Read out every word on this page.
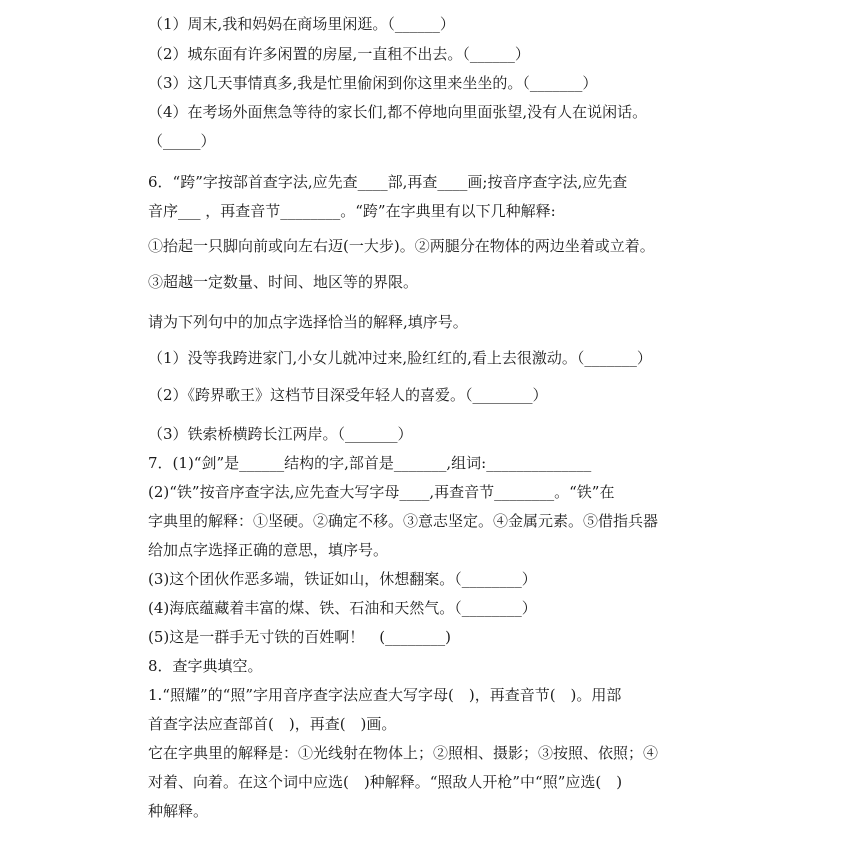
（1）周末,我和妈妈在商场里闲逛。（______）
（2）城东面有许多闲置的房屋,一直租不出去。（______）
（3）这几天事情真多,我是忙里偷闲到你这里来坐坐的。（_______）
（4）在考场外面焦急等待的家长们,都不停地向里面张望,没有人在说闲话。
（_____）
6．“跨”字按部首查字法,应先查____部,再查____画;按音序查字法,应先查
音序___ ，再查音节________。“跨”在字典里有以下几种解释:
①抬起一只脚向前或向左右迈(一大步)。②两腿分在物体的两边坐着或立着。
③超越一定数量、时间、地区等的界限。
请为下列句中的加点字选择恰当的解释,填序号。
（1）没等我跨进家门,小女儿就冲过来,脸红红的,看上去很激动。（_______）
（2）《跨界歌王》这档节目深受年轻人的喜爱。（________）
（3）铁索桥横跨长江两岸。（_______）
7．(1)“剑”是______结构的字,部首是_______,组词:______________
(2)“铁”按音序查字法,应先查大写字母____,再查音节________。“铁”在
字典里的解释：①坚硬。②确定不移。③意志坚定。④金属元素。⑤借指兵器
给加点字选择正确的意思，填序号。
(3)这个团伙作恶多端，铁证如山，休想翻案。（________）
(4)海底蕴藏着丰富的煤、铁、石油和天然气。（________）
(5)这是一群手无寸铁的百姓啊！　(________)
8．查字典填空。
1.“照耀”的“照”字用音序查字法应查大写字母(　)，再查音节(　)。用部
首查字法应查部首(　)，再查(　)画。
它在字典里的解释是：①光线射在物体上；②照相、摄影；③按照、依照；④
对着、向着。在这个词中应选(　)种解释。“照敌人开枪”中“照”应选(　)
种解释。
